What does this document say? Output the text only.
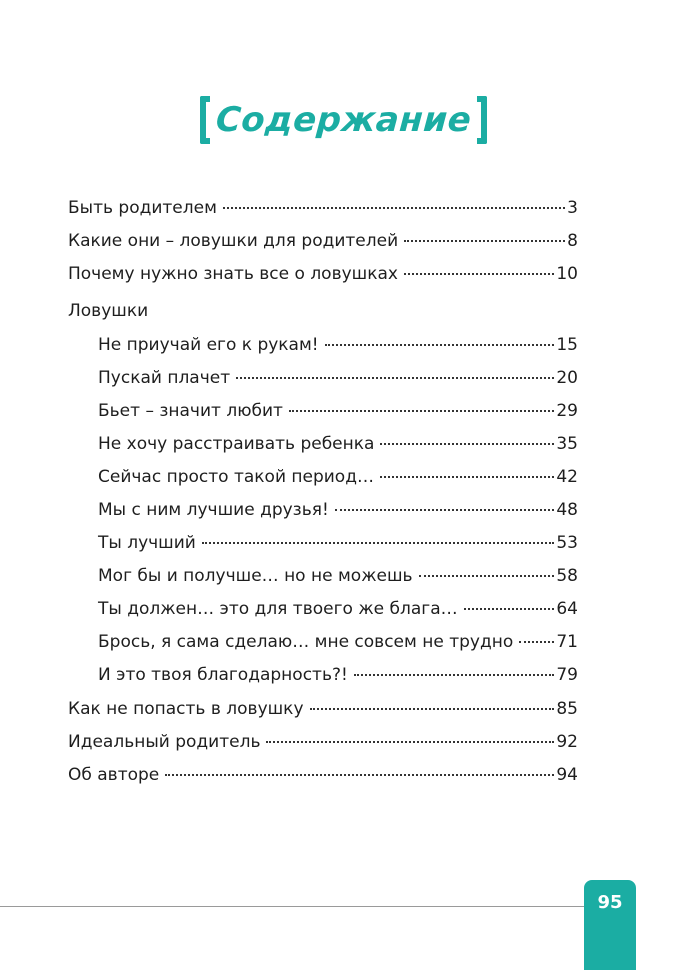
Содержание
Быть родителем	3
Какие они – ловушки для родителей	8
Почему нужно знать все о ловушках	10
Ловушки
Не приучай его к рукам!	15
Пускай плачет	20
Бьет – значит любит	29
Не хочу расстраивать ребенка	35
Сейчас просто такой период…	42
Мы с ним лучшие друзья!	48
Ты лучший	53
Мог бы и получше… но не можешь	58
Ты должен… это для твоего же блага…	64
Брось, я сама сделаю… мне совсем не трудно	71
И это твоя благодарность?!	79
Как не попасть в ловушку	85
Идеальный родитель	92
Об авторе	94
95
